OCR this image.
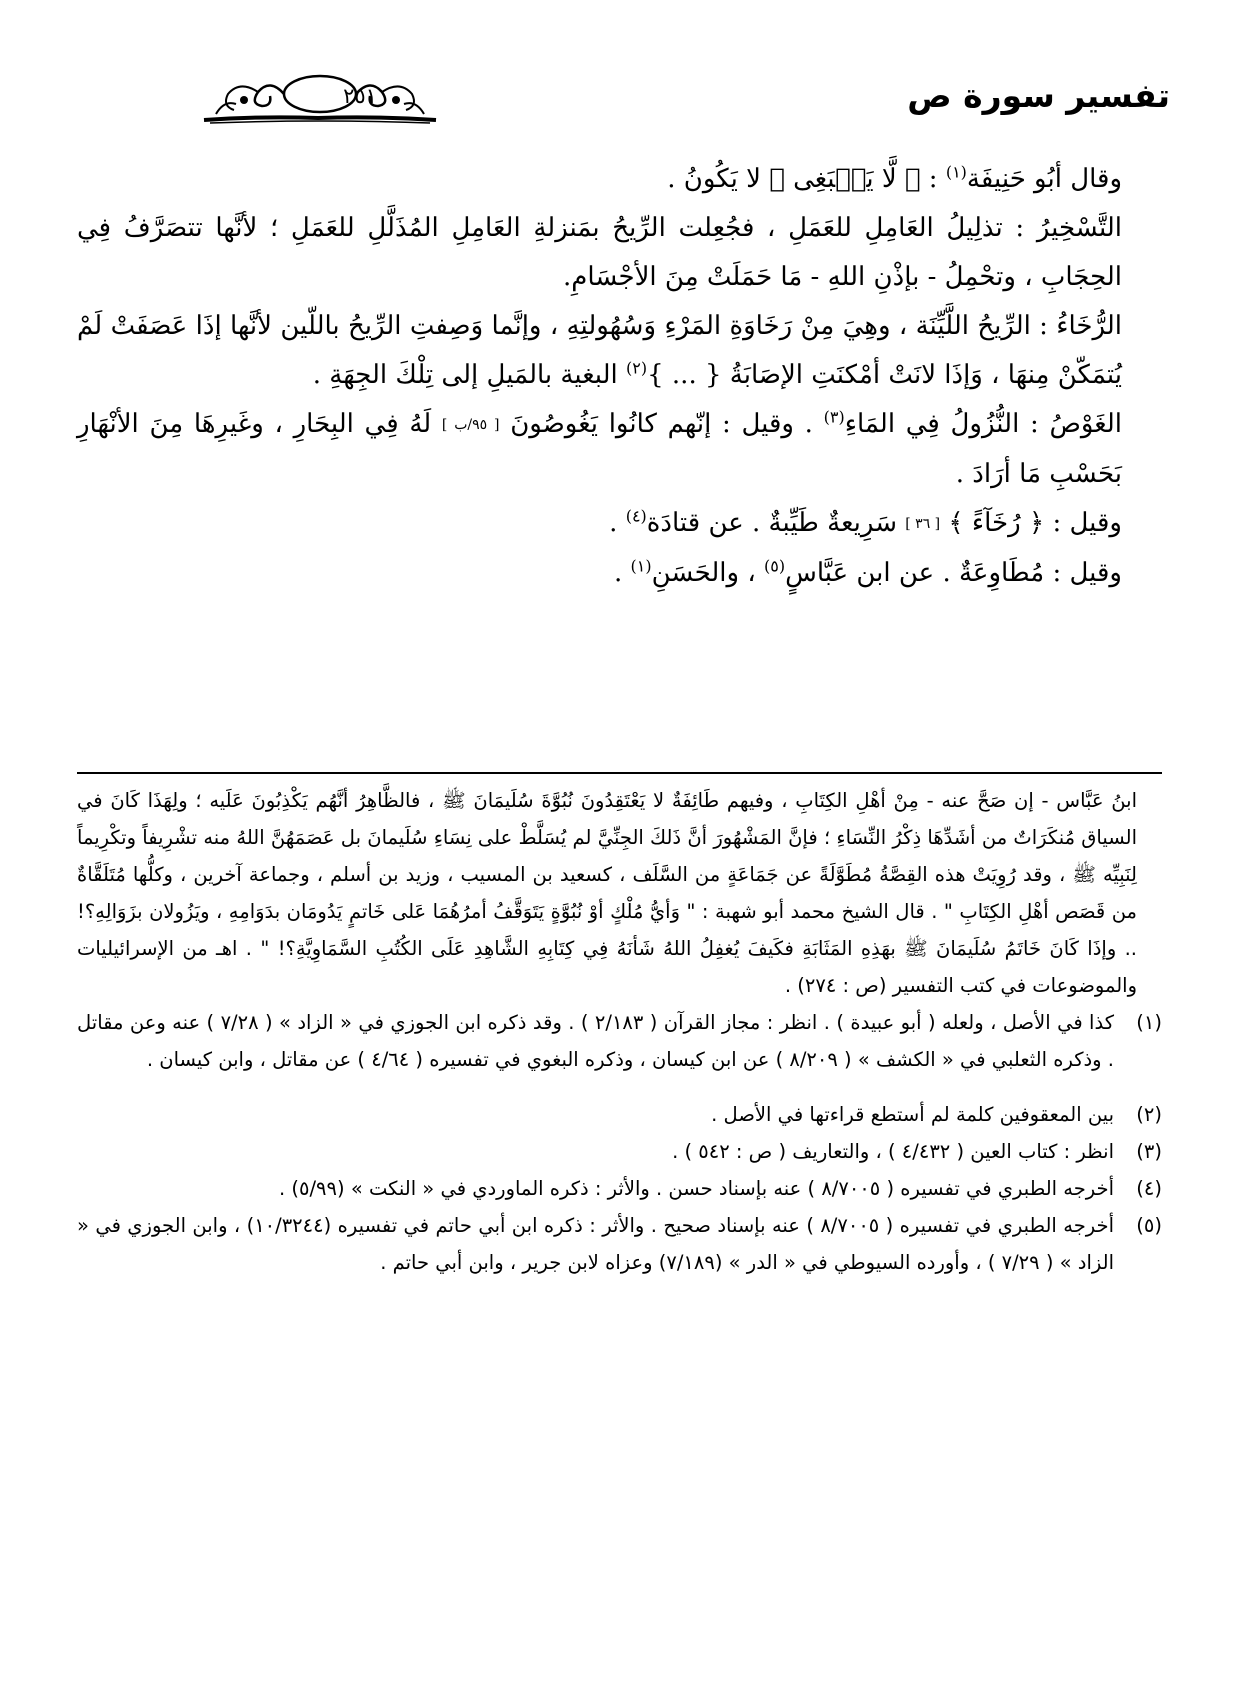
تفسير سورة ص
٢٥١

وقال أبُو حَنِيفَة$^{(١)}$ : ﴿ لَّا يَنۢبَغِى ﴾ لا يَكُونُ .

التَّسْخِيرُ : تذلِيلُ العَامِلِ للعَمَلِ ، فجُعِلت الرِّيحُ بمَنزلةِ العَامِلِ المُذَلَّلِ للعَمَلِ ؛ لأنَّها تتصَرَّفُ فِي الحِجَابِ ، وتحْمِلُ - بإذْنِ اللهِ - مَا حَمَلَتْ مِنَ الأجْسَامِ.

الرُّخَاءُ : الرِّيحُ اللَّيِّنَة ، وهِيَ مِنْ رَخَاوَةِ المَرْءِ وَسُهُولتِهِ ، وإنَّما وَصِفتِ الرِّيحُ باللّين لأنَّها إذَا عَصَفَتْ لَمْ يُتمَكّنْ مِنهَا ، وَإذَا لانَتْ أمْكنَتِ الإصَابَةُ { ... }$^{(٢)}$ البغية بالمَيلِ إلى تِلْكَ الجِهَةِ .

الغَوْصُ : النُّزُولُ فِي المَاءِ$^{(٣)}$ . وقيل : إنّهم كانُوا يَغُوصُونَ [ ٩٥/ب ] لَهُ فِي البِحَارِ ، وغَيرِهَا مِنَ الأنْهَارِ بَحَسْبِ مَا أرَادَ .

وقيل : ﴿ رُخَآءً ﴾ [ ٣٦ ] سَرِيعةٌ طَيِّبةٌ . عن قتادَة$^{(٤)}$ .

وقيل : مُطَاوِعَةٌ . عن ابن عَبَّاسٍ$^{(٥)}$ ، والحَسَنِ$^{(١)}$ .

ابنُ عَبَّاس - إن صَحَّ عنه - مِنْ أهْلِ الكِتَابِ ، وفيهم طَائِفَةٌ لا يَعْتَقِدُونَ نُبُوَّةَ سُلَيمَانَ ﷺ ، فالظَّاهِرُ أنَّهُم يَكْذِبُونَ عَلَيه ؛ ولِهَذَا كَانَ في السياق مُنكَرَاتٌ من أشَدِّهَا ذِكْرُ النِّسَاءِ ؛ فإنَّ المَشْهُورَ أنَّ ذَلكَ الجِنِّيَّ لم يُسَلَّطْ على نِسَاءِ سُلَيمانَ بل عَصَمَهُنَّ اللهُ منه تشْرِيفاً وتكْرِيماً لِنَبِيِّه ﷺ ، وقد رُوِيَتْ هذه القِصَّةُ مُطَوَّلَةً عن جَمَاعَةٍ من السَّلَف ، كسعيد بن المسيب ، وزيد بن أسلم ، وجماعة آخرين ، وكلُّها مُتَلَقَّاةٌ من قَصَص أهْلِ الكِتَابِ " . قال الشيخ محمد أبو شهبة : " وَأيُّ مُلْكٍ أوْ نُبُوَّةٍ يَتَوَقَّفُ أمرُهُمَا عَلى خَاتمٍ يَدُومَان بدَوَامِهِ ، ويَزُولان بزَوَالِهِ؟! .. وإذَا كَانَ خَاتَمُ سُلَيمَانَ ﷺ بهَذِهِ المَثَابَةِ فكَيفَ يُغفِلُ اللهُ شَأنَهُ فِي كِتَابِهِ الشَّاهِدِ عَلَى الكُتُبِ السَّمَاوِيَّةِ؟! " . اهـ من الإسرائيليات والموضوعات في كتب التفسير (ص : ٢٧٤) .

(١)
كذا في الأصل ، ولعله ( أبو عبيدة ) . انظر : مجاز القرآن ( ٢/١٨٣ ) . وقد ذكره ابن الجوزي في « الزاد » ( ٧/٢٨ ) عنه وعن مقاتل . وذكره الثعلبي في « الكشف » ( ٨/٢٠٩ ) عن ابن كيسان ، وذكره البغوي في تفسيره ( ٤/٦٤ ) عن مقاتل ، وابن كيسان .
(٢)
بين المعقوفين كلمة لم أستطع قراءتها في الأصل .
(٣)
انظر : كتاب العين ( ٤/٤٣٢ ) ، والتعاريف ( ص : ٥٤٢ ) .
(٤)
أخرجه الطبري في تفسيره ( ٨/٧٠٠٥ ) عنه بإسناد حسن . والأثر : ذكره الماوردي في « النكت » (٥/٩٩) .
(٥)
أخرجه الطبري في تفسيره ( ٨/٧٠٠٥ ) عنه بإسناد صحيح . والأثر : ذكره ابن أبي حاتم في تفسيره (١٠/٣٢٤٤) ، وابن الجوزي في « الزاد » ( ٧/٢٩ ) ، وأورده السيوطي في « الدر » (٧/١٨٩) وعزاه لابن جرير ، وابن أبي حاتم .
